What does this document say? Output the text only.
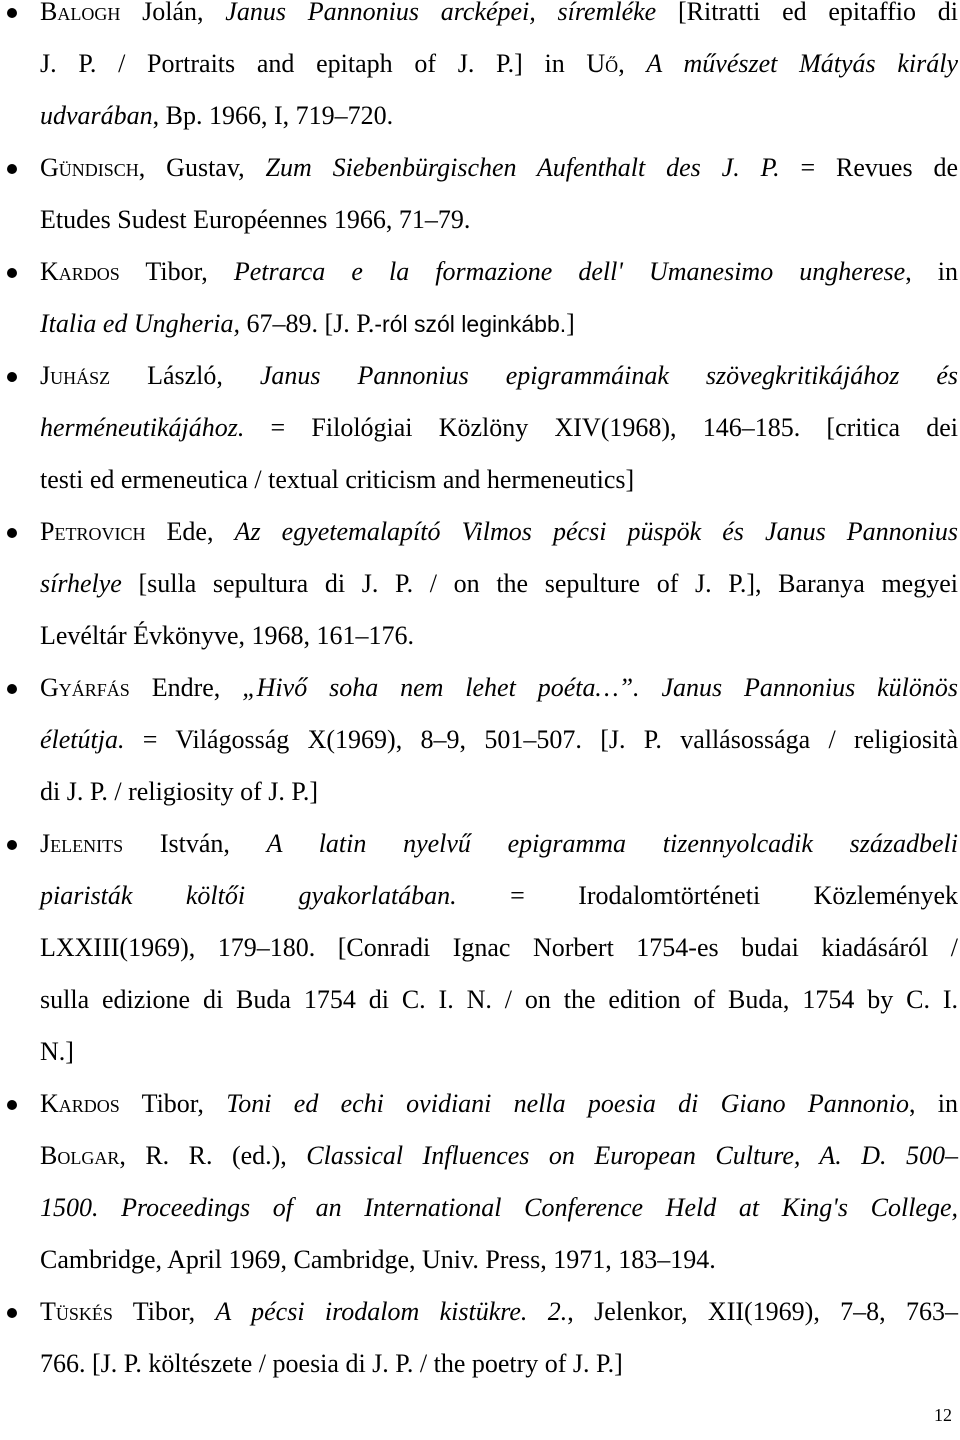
Balogh Jolán, Janus Pannonius arcképei, síremléke [Ritratti ed epitaffio di
J. P. / Portraits and epitaph of J. P.] in Uő, A művészet Mátyás király
udvarában, Bp. 1966, I, 719–720.
Gündisch, Gustav, Zum Siebenbürgischen Aufenthalt des J. P. = Revues de
Etudes Sudest Européennes 1966, 71–79.
Kardos Tibor, Petrarca e la formazione dell' Umanesimo ungherese, in
Italia ed Ungheria, 67–89. [J. P.-ról szól leginkább.]
Juhász László, Janus Pannonius epigrammáinak szövegkritikájához és
herméneutikájához. = Filológiai Közlöny XIV(1968), 146–185. [critica dei
testi ed ermeneutica / textual criticism and hermeneutics]
Petrovich Ede, Az egyetemalapító Vilmos pécsi püspök és Janus Pannonius
sírhelye [sulla sepultura di J. P. / on the sepulture of J. P.], Baranya megyei
Levéltár Évkönyve, 1968, 161–176.
Gyárfás Endre, „Hivő soha nem lehet poéta…”. Janus Pannonius különös
életútja. = Világosság X(1969), 8–9, 501–507. [J. P. vallásossága / religiosità
di J. P. / religiosity of J. P.]
Jelenits István, A latin nyelvű epigramma tizennyolcadik századbeli
piaristák költői gyakorlatában. = Irodalomtörténeti Közlemények
LXXIII(1969), 179–180. [Conradi Ignac Norbert 1754-es budai kiadásáról /
sulla edizione di Buda 1754 di C. I. N. / on the edition of Buda, 1754 by C. I.
N.]
Kardos Tibor, Toni ed echi ovidiani nella poesia di Giano Pannonio, in
Bolgar, R. R. (ed.), Classical Influences on European Culture, A. D. 500–
1500. Proceedings of an International Conference Held at King's College,
Cambridge, April 1969, Cambridge, Univ. Press, 1971, 183–194.
Tüskés Tibor, A pécsi irodalom kistükre. 2., Jelenkor, XII(1969), 7–8, 763–
766. [J. P. költészete / poesia di J. P. / the poetry of J. P.]
12
